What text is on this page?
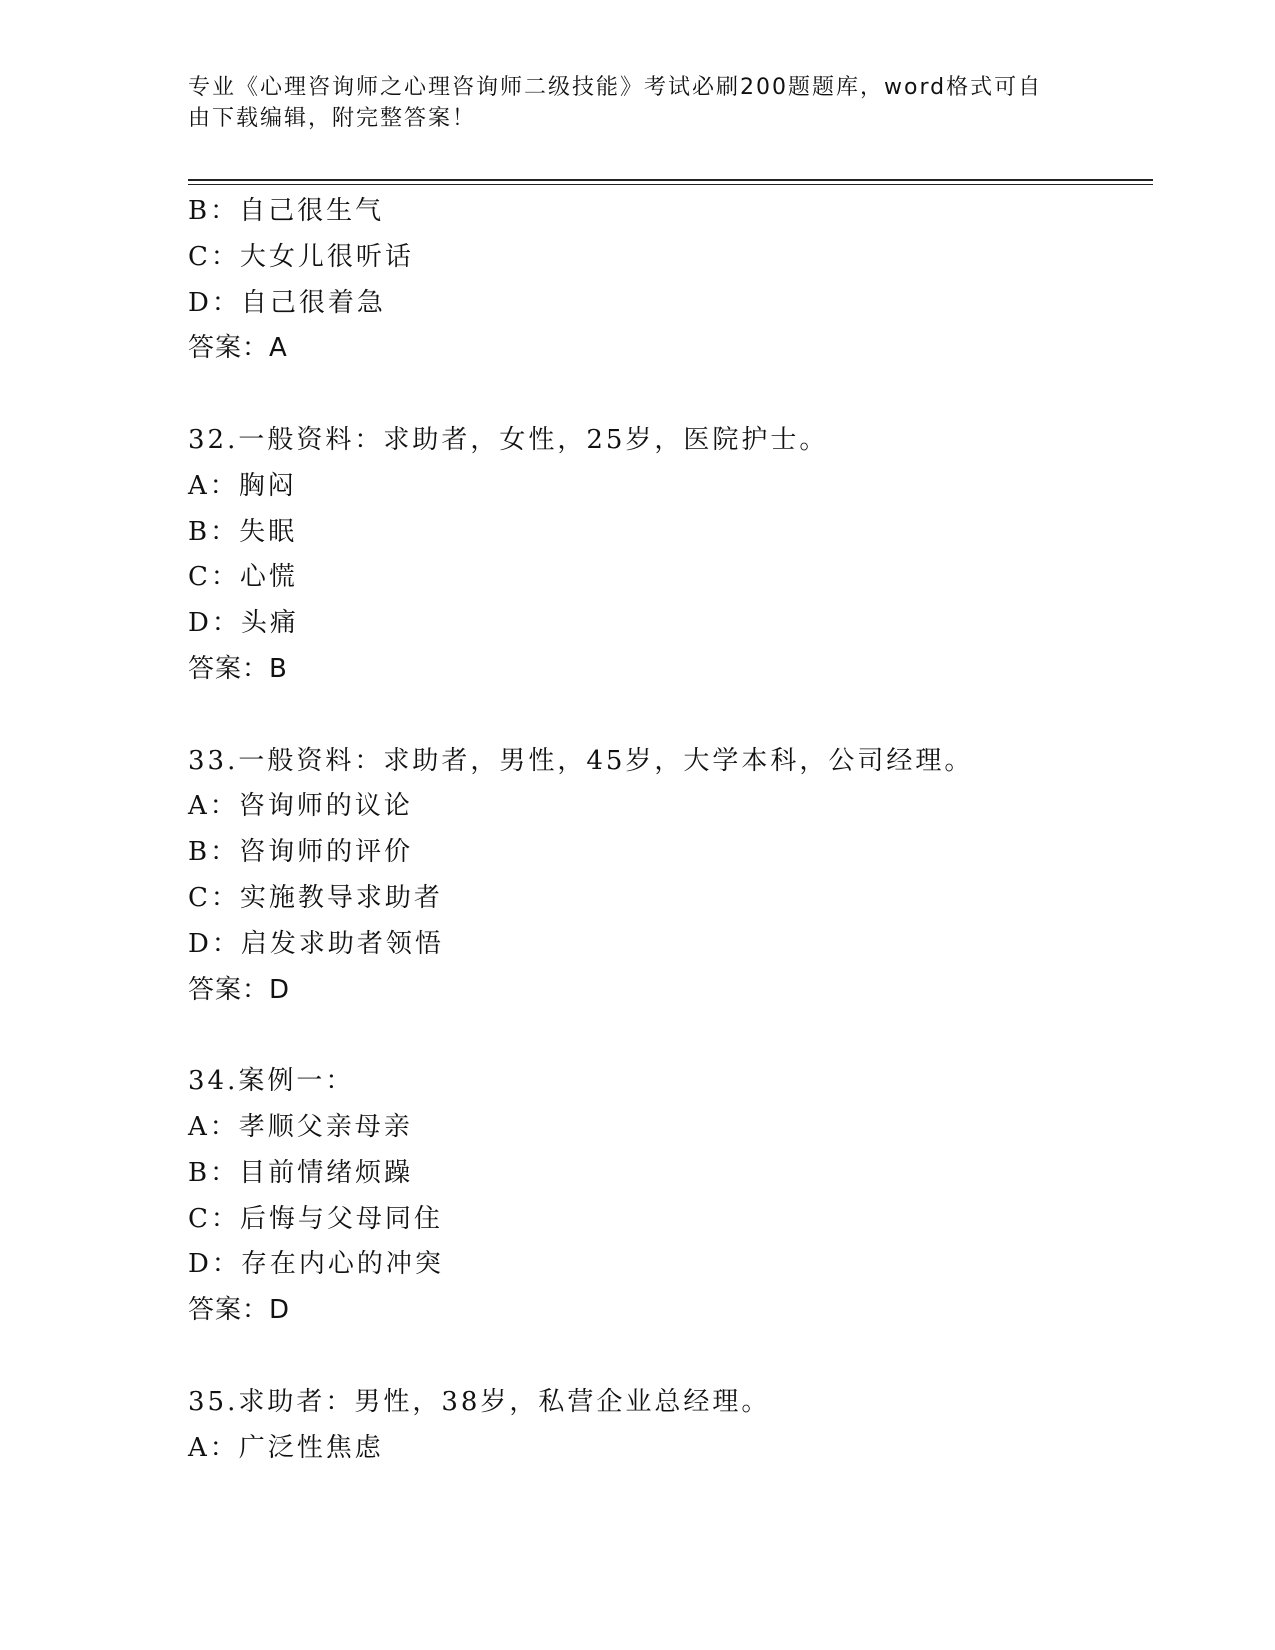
专业《心理咨询师之心理咨询师二级技能》考试必刷200题题库，word格式可自
由下载编辑，附完整答案！
B：自己很生气
C：大女儿很听话
D：自己很着急
答案：A
32.一般资料：求助者，女性，25岁，医院护士。
A：胸闷
B：失眠
C：心慌
D：头痛
答案：B
33.一般资料：求助者，男性，45岁，大学本科，公司经理。
A：咨询师的议论
B：咨询师的评价
C：实施教导求助者
D：启发求助者领悟
答案：D
34.案例一：
A：孝顺父亲母亲
B：目前情绪烦躁
C：后悔与父母同住
D：存在内心的冲突
答案：D
35.求助者：男性，38岁，私营企业总经理。
A：广泛性焦虑
